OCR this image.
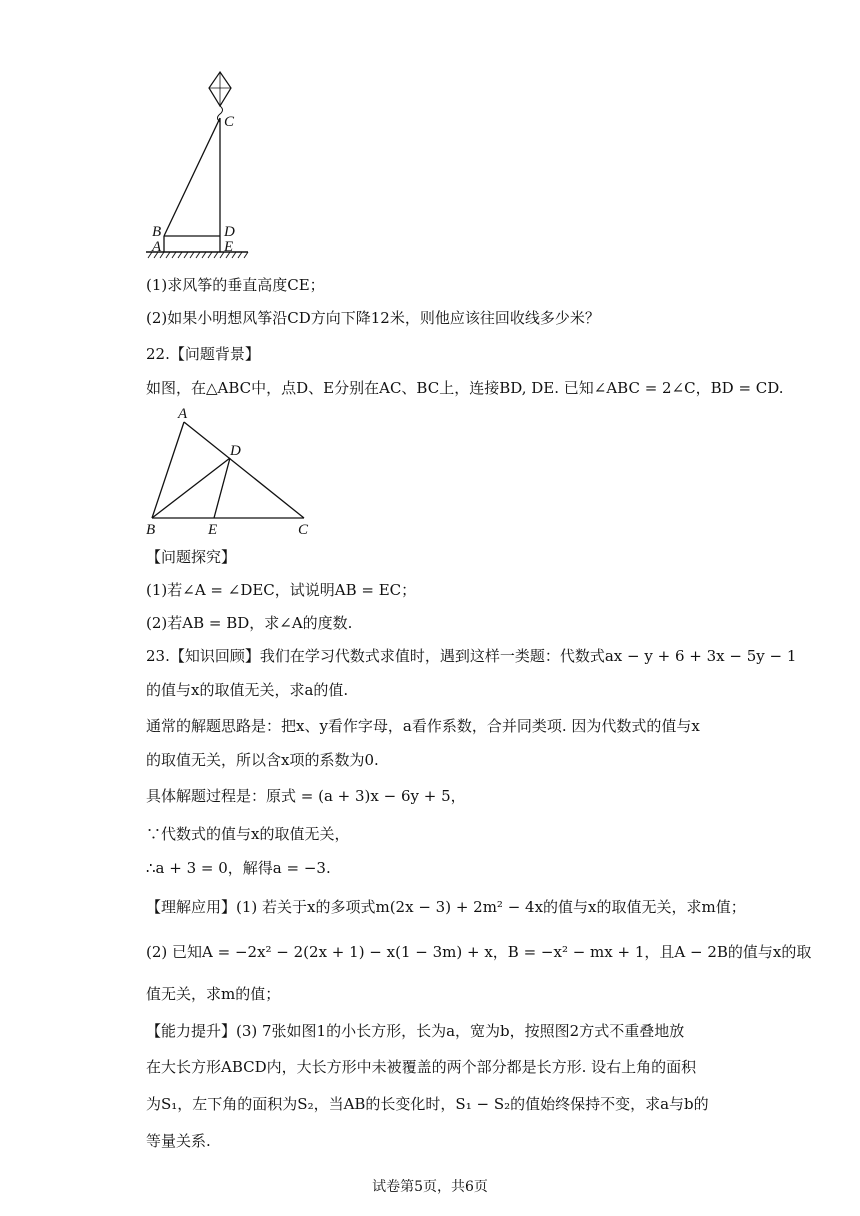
C
B	D
A	E
(1)求风筝的垂直高度CE；
(2)如果小明想风筝沿CD方向下降12米，则他应该往回收线多少米？
22.【问题背景】
如图，在△ABC中，点D、E分别在AC、BC上，连接BD, DE. 已知∠ABC = 2∠C，BD = CD.
A
D
B	E	C
【问题探究】
(1)若∠A = ∠DEC，试说明AB = EC；
(2)若AB = BD，求∠A的度数.
23.【知识回顾】我们在学习代数式求值时，遇到这样一类题：代数式ax − y + 6 + 3x − 5y − 1
的值与x的取值无关，求a的值.
通常的解题思路是：把x、y看作字母，a看作系数，合并同类项. 因为代数式的值与x
的取值无关，所以含x项的系数为0.
具体解题过程是：原式 = (a + 3)x − 6y + 5，
∵代数式的值与x的取值无关，
∴a + 3 = 0，解得a = −3.
【理解应用】(1) 若关于x的多项式m(2x − 3) + 2m² − 4x的值与x的取值无关，求m值；
(2) 已知A = −2x² − 2(2x + 1) − x(1 − 3m) + x，B = −x² − mx + 1，且A − 2B的值与x的取
值无关，求m的值；
【能力提升】(3) 7张如图1的小长方形，长为a，宽为b，按照图2方式不重叠地放
在大长方形ABCD内，大长方形中未被覆盖的两个部分都是长方形. 设右上角的面积
为S₁，左下角的面积为S₂，当AB的长变化时，S₁ − S₂的值始终保持不变，求a与b的
等量关系.
试卷第5页，共6页
